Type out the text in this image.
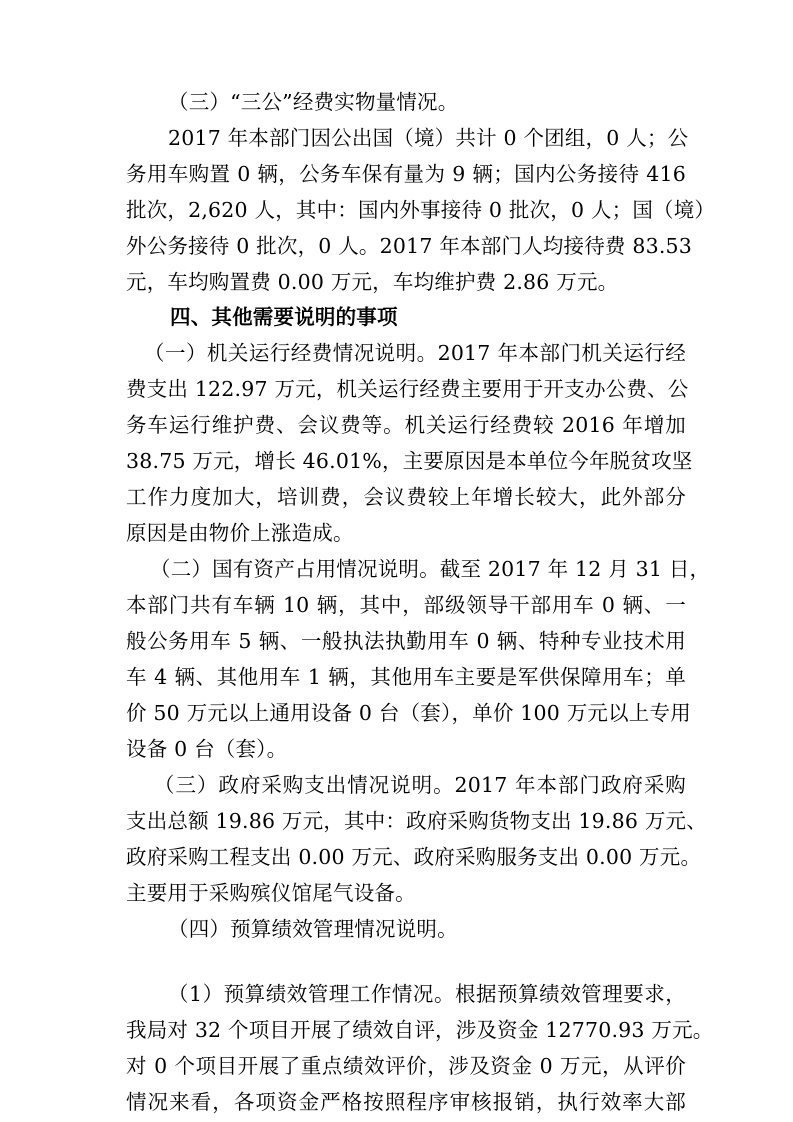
（三）“三公”经费实物量情况。
2017 年本部门因公出国（境）共计 0 个团组，0 人；公
务用车购置 0 辆，公务车保有量为 9 辆；国内公务接待 416
批次，2,620 人，其中：国内外事接待 0 批次，0 人；国（境）
外公务接待 0 批次，0 人。2017 年本部门人均接待费 83.53
元，车均购置费 0.00 万元，车均维护费 2.86 万元。
四、其他需要说明的事项
（一）机关运行经费情况说明。2017 年本部门机关运行经
费支出 122.97 万元，机关运行经费主要用于开支办公费、公
务车运行维护费、会议费等。机关运行经费较 2016 年增加
38.75 万元，增长 46.01%，主要原因是本单位今年脱贫攻坚
工作力度加大，培训费，会议费较上年增长较大，此外部分
原因是由物价上涨造成。
（二）国有资产占用情况说明。截至 2017 年 12 月 31 日，
本部门共有车辆 10 辆，其中，部级领导干部用车 0 辆、一
般公务用车 5 辆、一般执法执勤用车 0 辆、特种专业技术用
车 4 辆、其他用车 1 辆，其他用车主要是军供保障用车；单
价 50 万元以上通用设备 0 台（套），单价 100 万元以上专用
设备 0 台（套）。
（三）政府采购支出情况说明。2017 年本部门政府采购
支出总额 19.86 万元，其中：政府采购货物支出 19.86 万元、
政府采购工程支出 0.00 万元、政府采购服务支出 0.00 万元。
主要用于采购殡仪馆尾气设备。
（四）预算绩效管理情况说明。
（1）预算绩效管理工作情况。根据预算绩效管理要求，
我局对 32 个项目开展了绩效自评，涉及资金 12770.93 万元。
对 0 个项目开展了重点绩效评价，涉及资金 0 万元，从评价
情况来看，各项资金严格按照程序审核报销，执行效率大部
